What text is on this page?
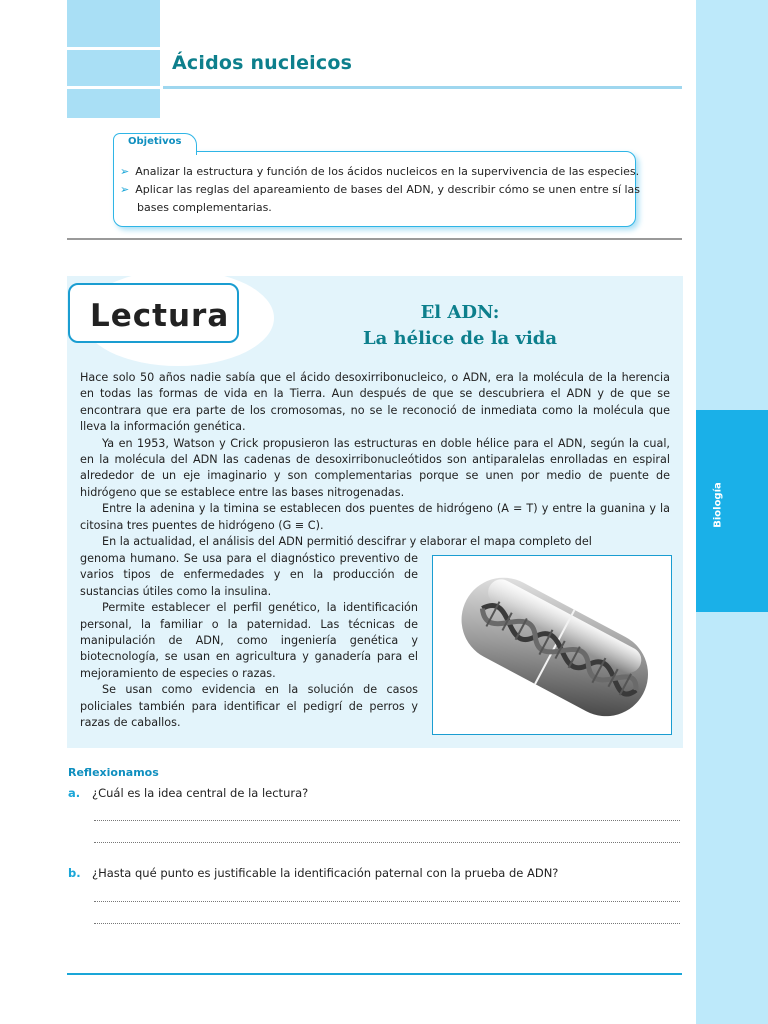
Biología
Ácidos nucleicos
Objetivos
➢ Analizar la estructura y función de los ácidos nucleicos en la supervivencia de las especies.
➢ Aplicar las reglas del apareamiento de bases del ADN, y describir cómo se unen entre sí las
bases complementarias.
Lectura	El ADN:
La hélice de la vida

Hace solo 50 años nadie sabía que el ácido desoxirribonucleico, o ADN, era la molécula de la herencia en todas las formas de vida en la Tierra. Aun después de que se descubriera el ADN y de que se encontrara que era parte de los cromosomas, no se le reconoció de inmediata como la molécula que lleva la información genética.

Ya en 1953, Watson y Crick propusieron las estructuras en doble hélice para el ADN, según la cual, en la molécula del ADN las cadenas de desoxirribonucleótidos son antiparalelas enrolladas en espiral alrededor de un eje imaginario y son complementarias porque se unen por medio de puente de hidrógeno que se establece entre las bases nitrogenadas.

Entre la adenina y la timina se establecen dos puentes de hidrógeno (A = T) y entre la guanina y la citosina tres puentes de hidrógeno (G ≡ C).

En la actualidad, el análisis del ADN permitió descifrar y elaborar el mapa completo del

genoma humano. Se usa para el diagnóstico preventivo de varios tipos de enfermedades y en la producción de sustancias útiles como la insulina.

Permite establecer el perfil genético, la identificación personal, la familiar o la paternidad. Las técnicas de manipulación de ADN, como ingeniería genética y biotecnología, se usan en agricultura y ganadería para el mejoramiento de especies o razas.

Se usan como evidencia en la solución de casos policiales también para identificar el pedigrí de perros y razas de caballos.

Reflexionamos
a. ¿Cuál es la idea central de la lectura?
b. ¿Hasta qué punto es justificable la identificación paternal con la prueba de ADN?
